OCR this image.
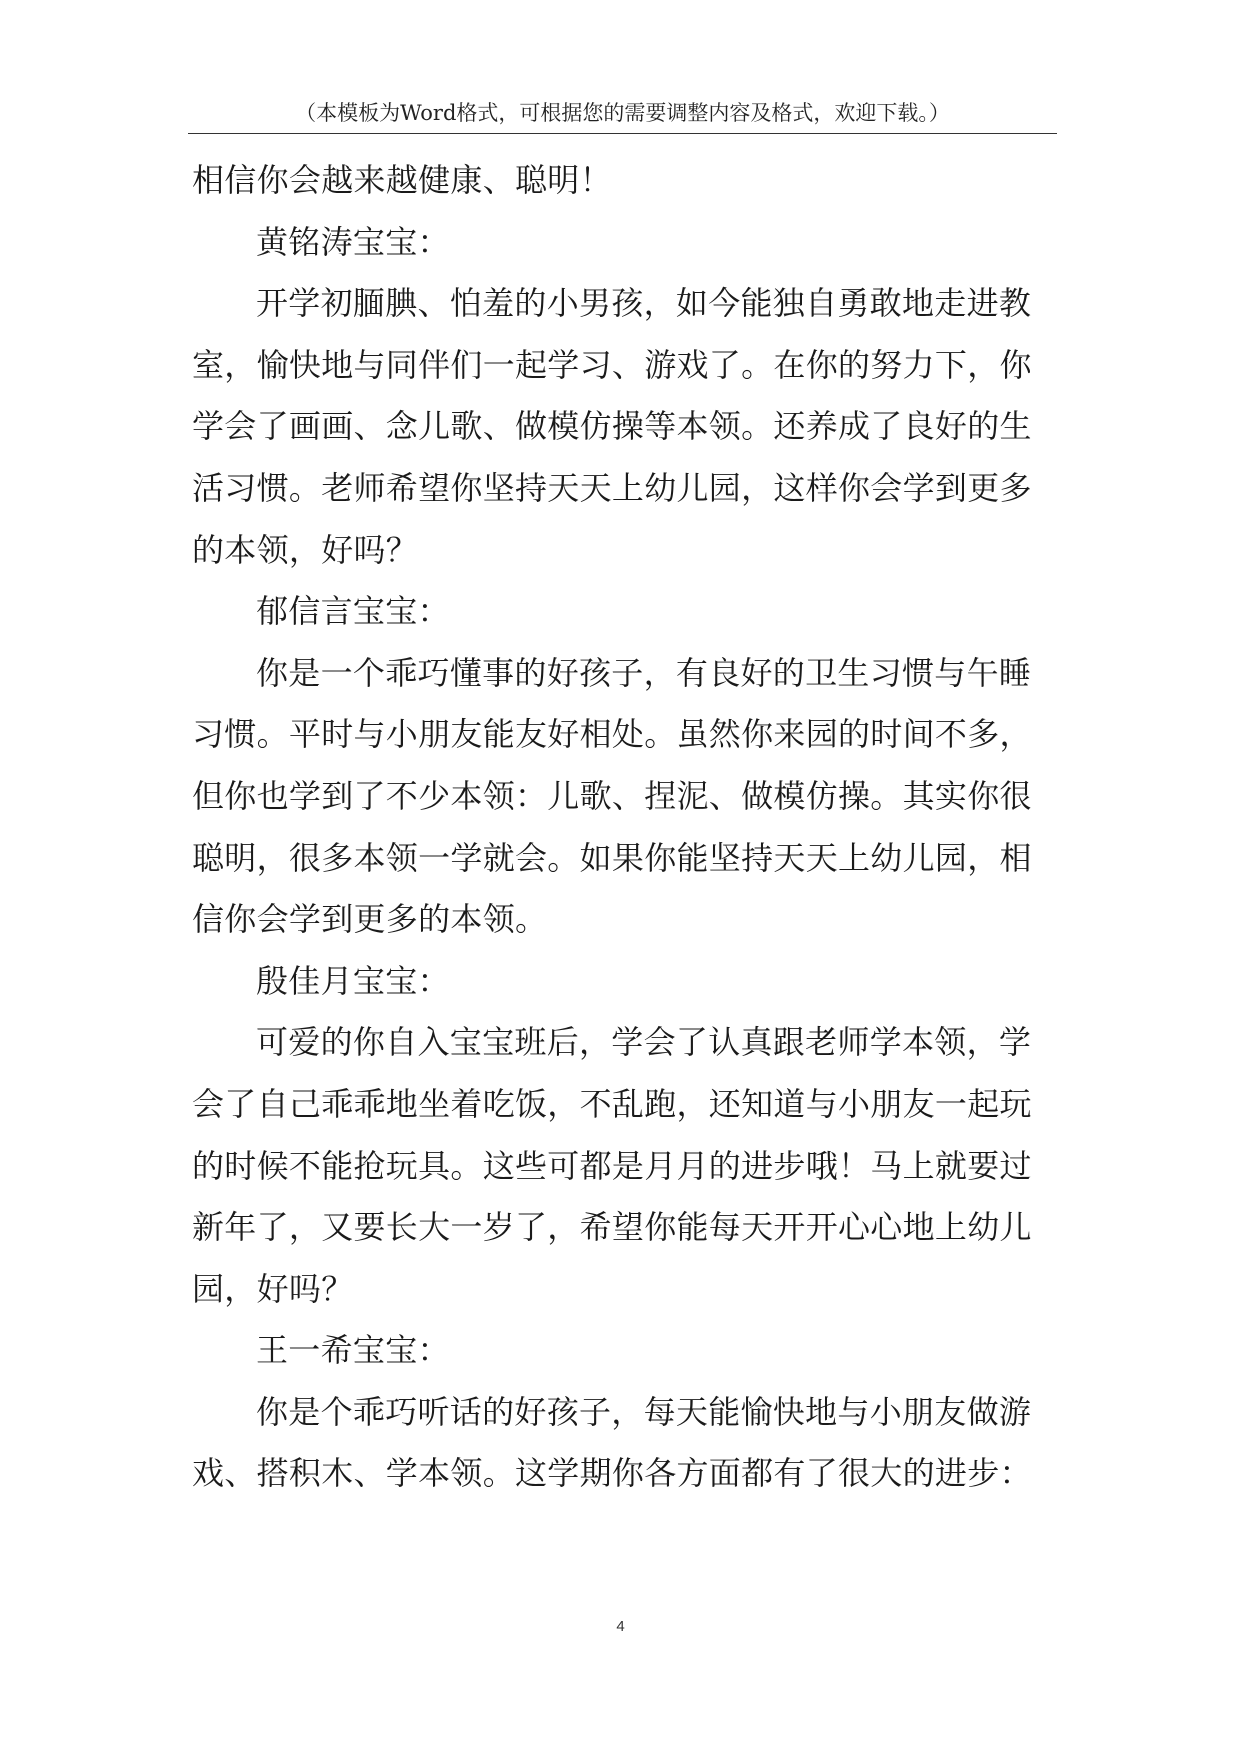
（本模板为Word格式，可根据您的需要调整内容及格式，欢迎下载。）
相信你会越来越健康、聪明！
黄铭涛宝宝：
开学初腼腆、怕羞的小男孩，如今能独自勇敢地走进教
室，愉快地与同伴们一起学习、游戏了。在你的努力下，你
学会了画画、念儿歌、做模仿操等本领。还养成了良好的生
活习惯。老师希望你坚持天天上幼儿园，这样你会学到更多
的本领，好吗？
郁信言宝宝：
你是一个乖巧懂事的好孩子，有良好的卫生习惯与午睡
习惯。平时与小朋友能友好相处。虽然你来园的时间不多，
但你也学到了不少本领：儿歌、捏泥、做模仿操。其实你很
聪明，很多本领一学就会。如果你能坚持天天上幼儿园，相
信你会学到更多的本领。
殷佳月宝宝：
可爱的你自入宝宝班后，学会了认真跟老师学本领，学
会了自己乖乖地坐着吃饭，不乱跑，还知道与小朋友一起玩
的时候不能抢玩具。这些可都是月月的进步哦！马上就要过
新年了，又要长大一岁了，希望你能每天开开心心地上幼儿
园，好吗？
王一希宝宝：
你是个乖巧听话的好孩子，每天能愉快地与小朋友做游
戏、搭积木、学本领。这学期你各方面都有了很大的进步：
4
